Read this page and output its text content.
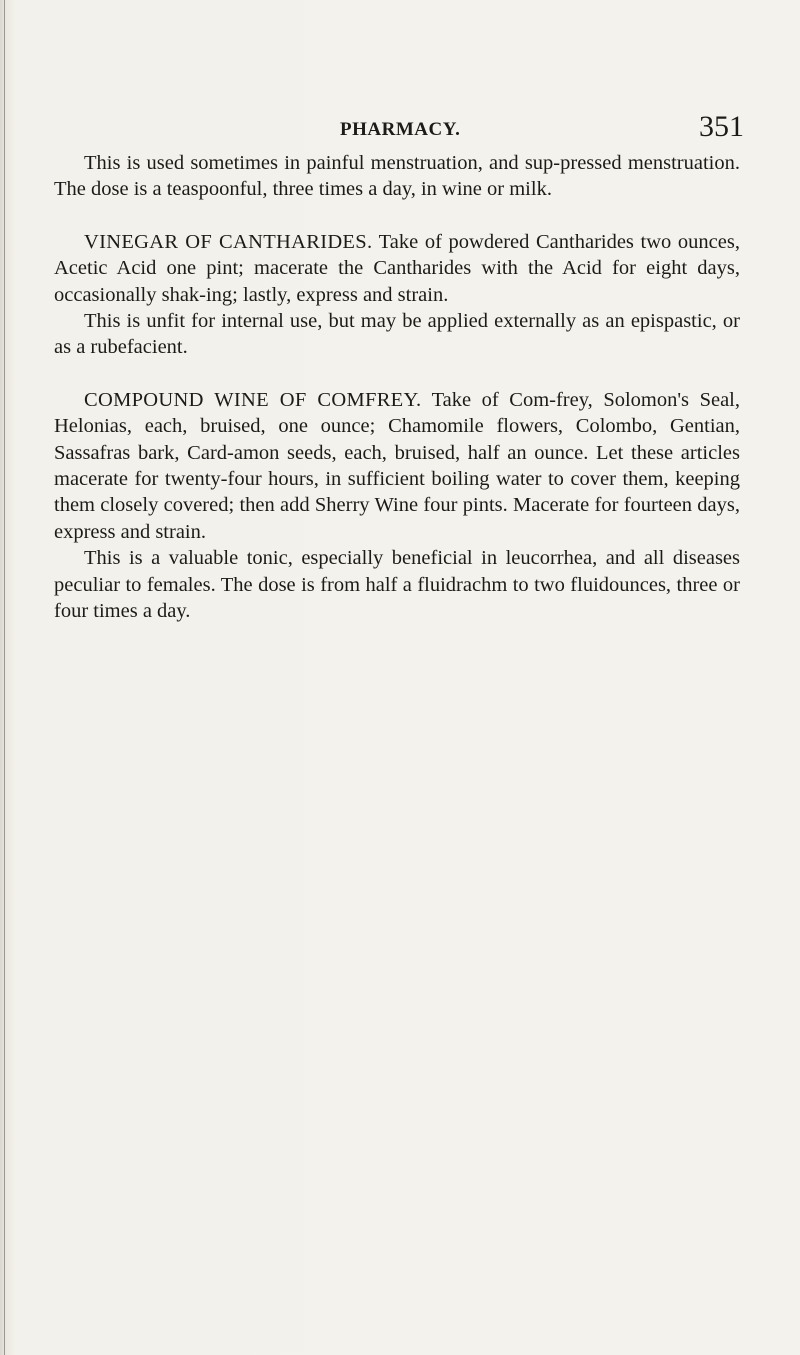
PHARMACY.	351

This is used sometimes in painful menstruation, and sup-pressed menstruation. The dose is a teaspoonful, three times a day, in wine or milk.

VINEGAR OF CANTHARIDES. Take of powdered Cantharides two ounces, Acetic Acid one pint; macerate the Cantharides with the Acid for eight days, occasionally shak-ing; lastly, express and strain.

This is unfit for internal use, but may be applied externally as an epispastic, or as a rubefacient.

COMPOUND WINE OF COMFREY. Take of Com-frey, Solomon's Seal, Helonias, each, bruised, one ounce; Chamomile flowers, Colombo, Gentian, Sassafras bark, Card-amon seeds, each, bruised, half an ounce. Let these articles macerate for twenty-four hours, in sufficient boiling water to cover them, keeping them closely covered; then add Sherry Wine four pints. Macerate for fourteen days, express and strain.

This is a valuable tonic, especially beneficial in leucorrhea, and all diseases peculiar to females. The dose is from half a fluidrachm to two fluidounces, three or four times a day.
